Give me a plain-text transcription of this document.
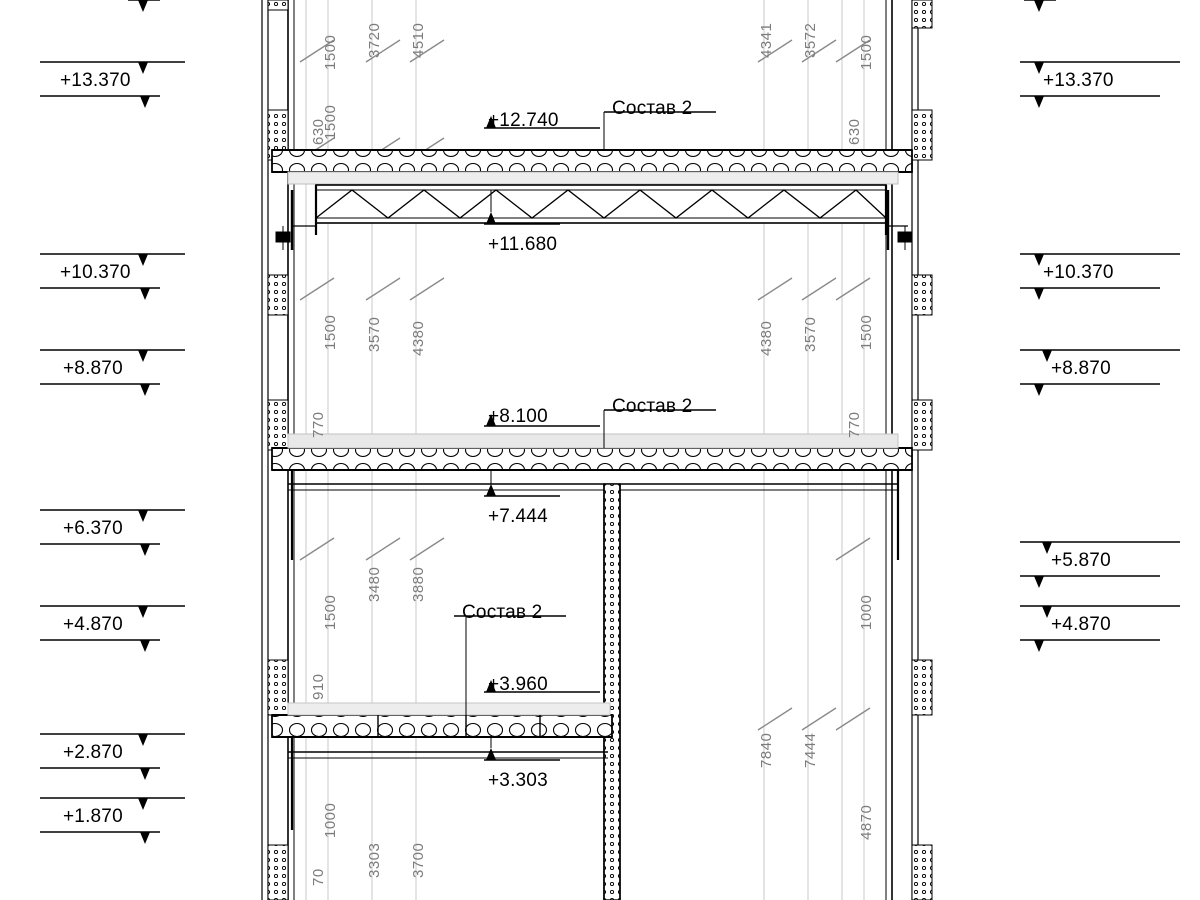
+13.370
+10.370
+8.870
+6.370
+4.870
+2.870
+1.870
+13.370
+10.370
+8.870
+5.870
+4.870
+12.740
+11.680
+8.100
+7.444
+3.960
+3.303
Состав 2
Состав 2
Состав 2
1500 3720 4510
630
1500
1500 3570 4380
770
1500
3480 3880
910
1000
3303 3700
70
4341 3572	1500
630
4380 3570	1500
770
1000
7840 7444
4870
